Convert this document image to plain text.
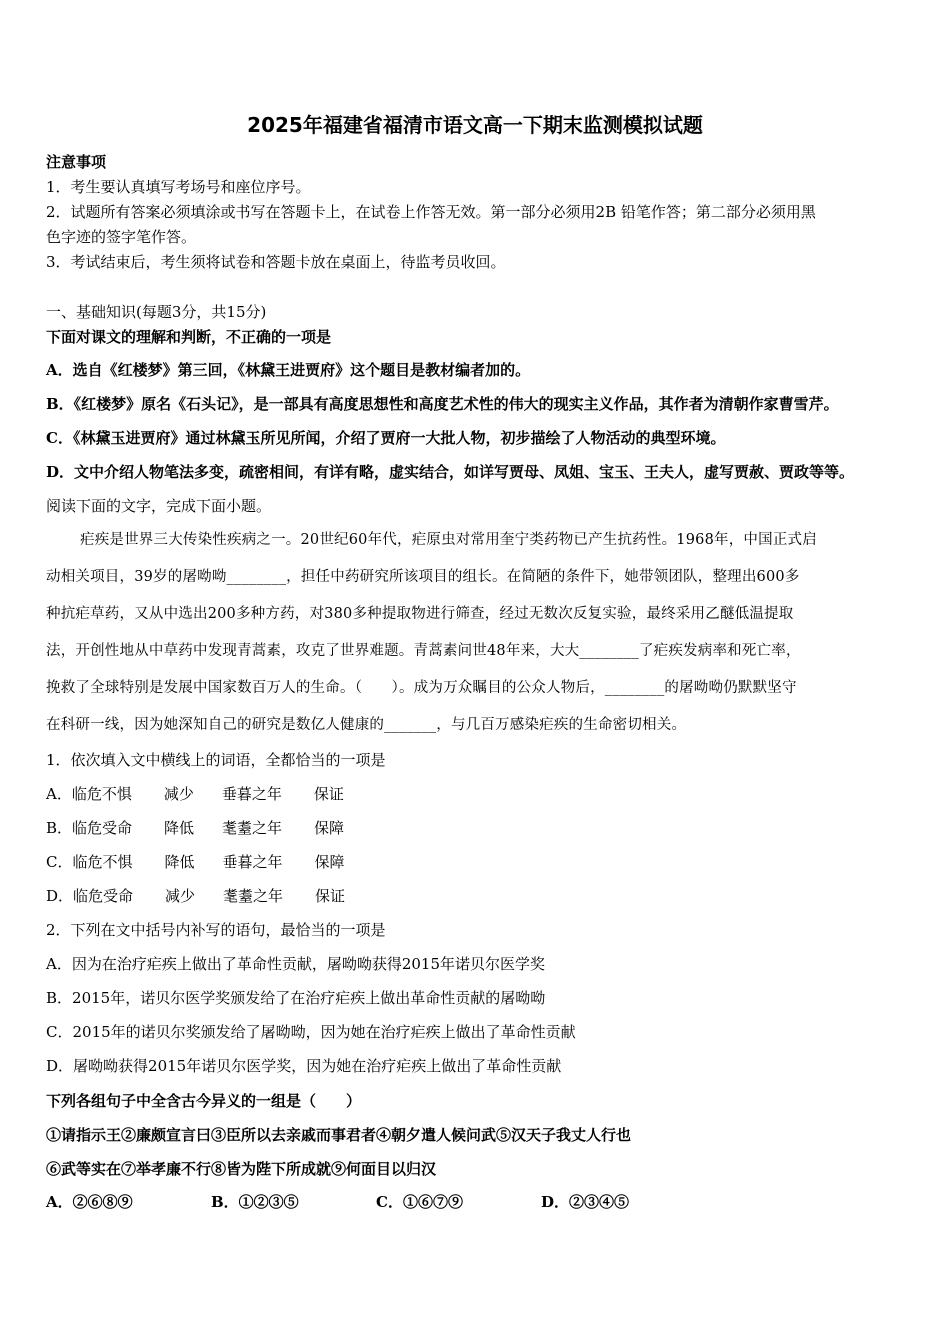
2025年福建省福清市语文高一下期末监测模拟试题
注意事项
1．考生要认真填写考场号和座位序号。
2．试题所有答案必须填涂或书写在答题卡上，在试卷上作答无效。第一部分必须用2B 铅笔作答；第二部分必须用黑
色字迹的签字笔作答。
3．考试结束后，考生须将试卷和答题卡放在桌面上，待监考员收回。
一、基础知识(每题3分，共15分)
下面对课文的理解和判断，不正确的一项是
A．选自《红楼梦》第三回，《林黛王进贾府》这个题目是教材编者加的。
B．《红楼梦》原名《石头记》，是一部具有高度思想性和高度艺术性的伟大的现实主义作品，其作者为清朝作家曹雪芹。
C．《林黛玉进贾府》通过林黛玉所见所闻，介绍了贾府一大批人物，初步描绘了人物活动的典型环境。
D．文中介绍人物笔法多变，疏密相间，有详有略，虚实结合，如详写贾母、凤姐、宝玉、王夫人，虚写贾赦、贾政等等。
阅读下面的文字，完成下面小题。
疟疾是世界三大传染性疾病之一。20世纪60年代，疟原虫对常用奎宁类药物已产生抗药性。1968年，中国正式启
动相关项目，39岁的屠呦呦________，担任中药研究所该项目的组长。在简陋的条件下，她带领团队，整理出600多
种抗疟草药，又从中选出200多种方药，对380多种提取物进行筛查，经过无数次反复实验，最终采用乙醚低温提取
法，开创性地从中草药中发现青蒿素，攻克了世界难题。青蒿素问世48年来，大大________了疟疾发病率和死亡率，
挽救了全球特别是发展中国家数百万人的生命。（　　）。成为万众瞩目的公众人物后，________的屠呦呦仍默默坚守
在科研一线，因为她深知自己的研究是数亿人健康的_______，与几百万感染疟疾的生命密切相关。
1．依次填入文中横线上的词语，全都恰当的一项是
A．临危不惧 减少 垂暮之年 保证
B．临危受命 降低 耄耋之年 保障
C．临危不惧 降低 垂暮之年 保障
D．临危受命 减少 耄耋之年 保证
2．下列在文中括号内补写的语句，最恰当的一项是
A．因为在治疗疟疾上做出了革命性贡献，屠呦呦获得2015年诺贝尔医学奖
B．2015年，诺贝尔医学奖颁发给了在治疗疟疾上做出革命性贡献的屠呦呦
C．2015年的诺贝尔奖颁发给了屠呦呦，因为她在治疗疟疾上做出了革命性贡献
D．屠呦呦获得2015年诺贝尔医学奖，因为她在治疗疟疾上做出了革命性贡献
下列各组句子中全含古今异义的一组是（　　）
①请指示王②廉颇宣言曰③臣所以去亲戚而事君者④朝夕遣人候问武⑤汉天子我丈人行也
⑥武等实在⑦举孝廉不行⑧皆为陛下所成就⑨何面目以归汉
A．②⑥⑧⑨	B．①②③⑤	C．①⑥⑦⑨	D．②③④⑤
